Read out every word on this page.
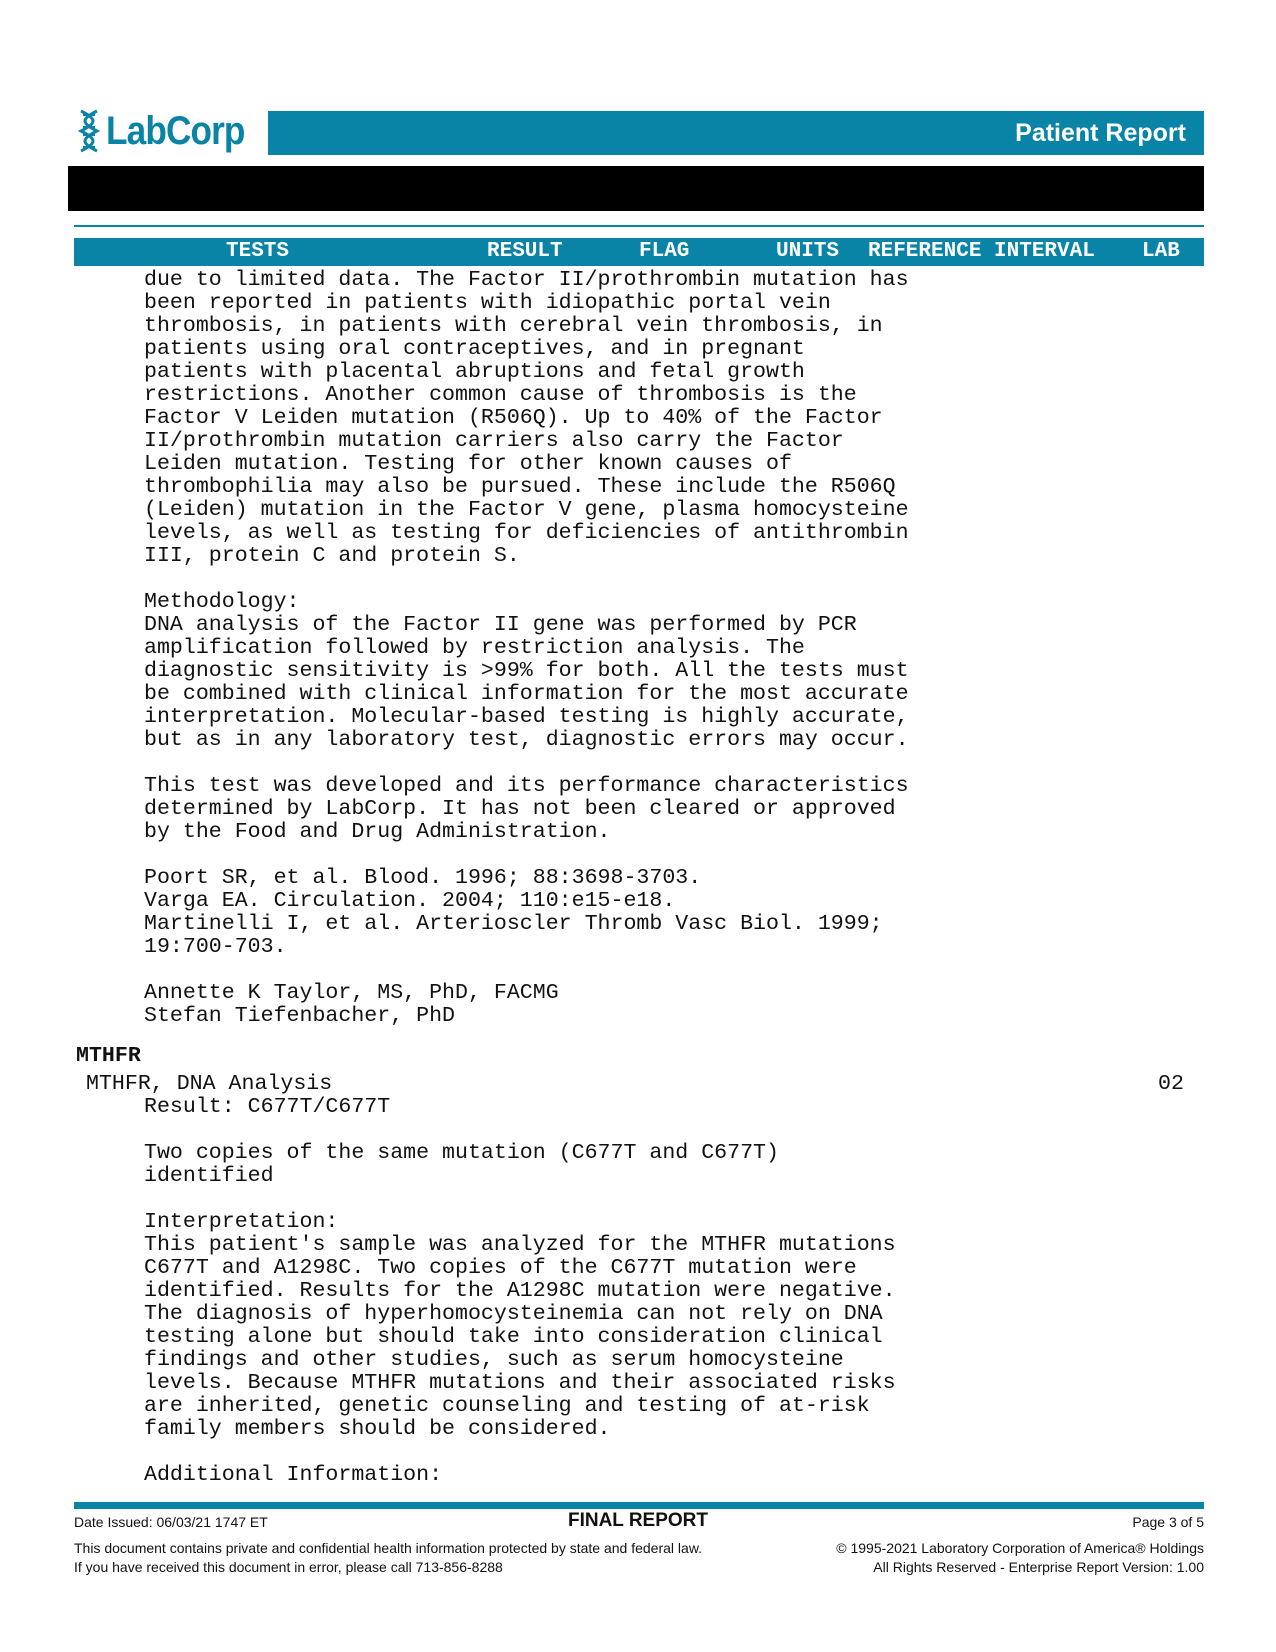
LabCorp	Patient Report
TESTS	RESULT	FLAG	UNITS REFERENCE INTERVAL LAB
due to limited data. The Factor II/prothrombin mutation has
been reported in patients with idiopathic portal vein
thrombosis, in patients with cerebral vein thrombosis, in
patients using oral contraceptives, and in pregnant
patients with placental abruptions and fetal growth
restrictions. Another common cause of thrombosis is the
Factor V Leiden mutation (R506Q). Up to 40% of the Factor
II/prothrombin mutation carriers also carry the Factor
Leiden mutation. Testing for other known causes of
thrombophilia may also be pursued. These include the R506Q
(Leiden) mutation in the Factor V gene, plasma homocysteine
levels, as well as testing for deficiencies of antithrombin
III, protein C and protein S.
Methodology:
DNA analysis of the Factor II gene was performed by PCR
amplification followed by restriction analysis. The
diagnostic sensitivity is >99% for both. All the tests must
be combined with clinical information for the most accurate
interpretation. Molecular-based testing is highly accurate,
but as in any laboratory test, diagnostic errors may occur.
This test was developed and its performance characteristics
determined by LabCorp. It has not been cleared or approved
by the Food and Drug Administration.
Poort SR, et al. Blood. 1996; 88:3698-3703.
Varga EA. Circulation. 2004; 110:e15-e18.
Martinelli I, et al. Arterioscler Thromb Vasc Biol. 1999;
19:700-703.
Annette K Taylor, MS, PhD, FACMG
Stefan Tiefenbacher, PhD
MTHFR
MTHFR, DNA Analysis	02
Result: C677T/C677T
Two copies of the same mutation (C677T and C677T)
identified
Interpretation:
This patient's sample was analyzed for the MTHFR mutations
C677T and A1298C. Two copies of the C677T mutation were
identified. Results for the A1298C mutation were negative.
The diagnosis of hyperhomocysteinemia can not rely on DNA
testing alone but should take into consideration clinical
findings and other studies, such as serum homocysteine
levels. Because MTHFR mutations and their associated risks
are inherited, genetic counseling and testing of at-risk
family members should be considered.
Additional Information:
Date Issued: 06/03/21 1747 ET	FINAL REPORT	Page 3 of 5
This document contains private and confidential health information protected by state and federal law.
If you have received this document in error, please call 713-856-8288
© 1995-2021 Laboratory Corporation of America® Holdings
All Rights Reserved - Enterprise Report Version: 1.00
